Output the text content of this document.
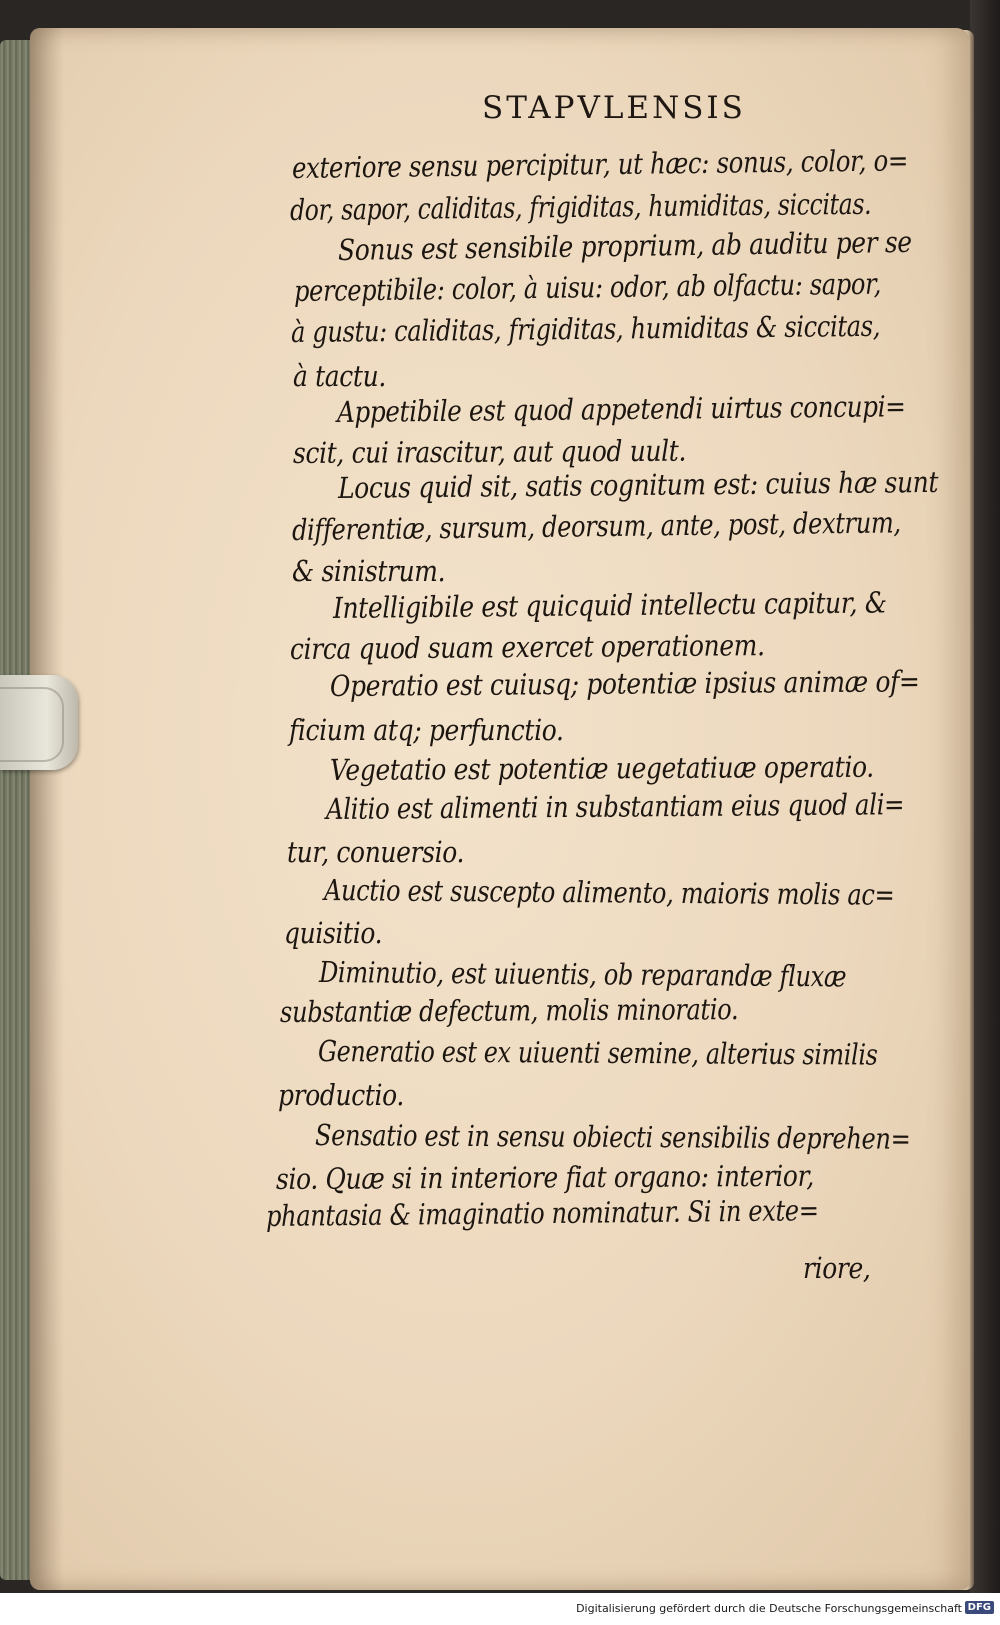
STAPVLENSIS
exteriore sensu percipitur, ut hæc: sonus, color, o=
dor, sapor, caliditas, frigiditas, humiditas, siccitas.
Sonus est sensibile proprium, ab auditu per se
perceptibile: color, à uisu: odor, ab olfactu: sapor,
à gustu: caliditas, frigiditas, humiditas & siccitas,
à tactu.
Appetibile est quod appetendi uirtus concupi=
scit, cui irascitur, aut quod uult.
Locus quid sit, satis cognitum est: cuius hæ sunt
differentiæ, sursum, deorsum, ante, post, dextrum,
& sinistrum.
Intelligibile est quicquid intellectu capitur, &
circa quod suam exercet operationem.
Operatio est cuiusq; potentiæ ipsius animæ of=
ficium atq; perfunctio.
Vegetatio est potentiæ uegetatiuæ operatio.
Alitio est alimenti in substantiam eius quod ali=
tur, conuersio.
Auctio est suscepto alimento, maioris molis ac=
quisitio.
Diminutio, est uiuentis, ob reparandæ fluxæ
substantiæ defectum, molis minoratio.
Generatio est ex uiuenti semine, alterius similis
productio.
Sensatio est in sensu obiecti sensibilis deprehen=
sio. Quæ si in interiore fiat organo: interior,
phantasia & imaginatio nominatur. Si in exte=
riore,
Digitalisierung gefördert durch die Deutsche Forschungsgemeinschaft DFG
